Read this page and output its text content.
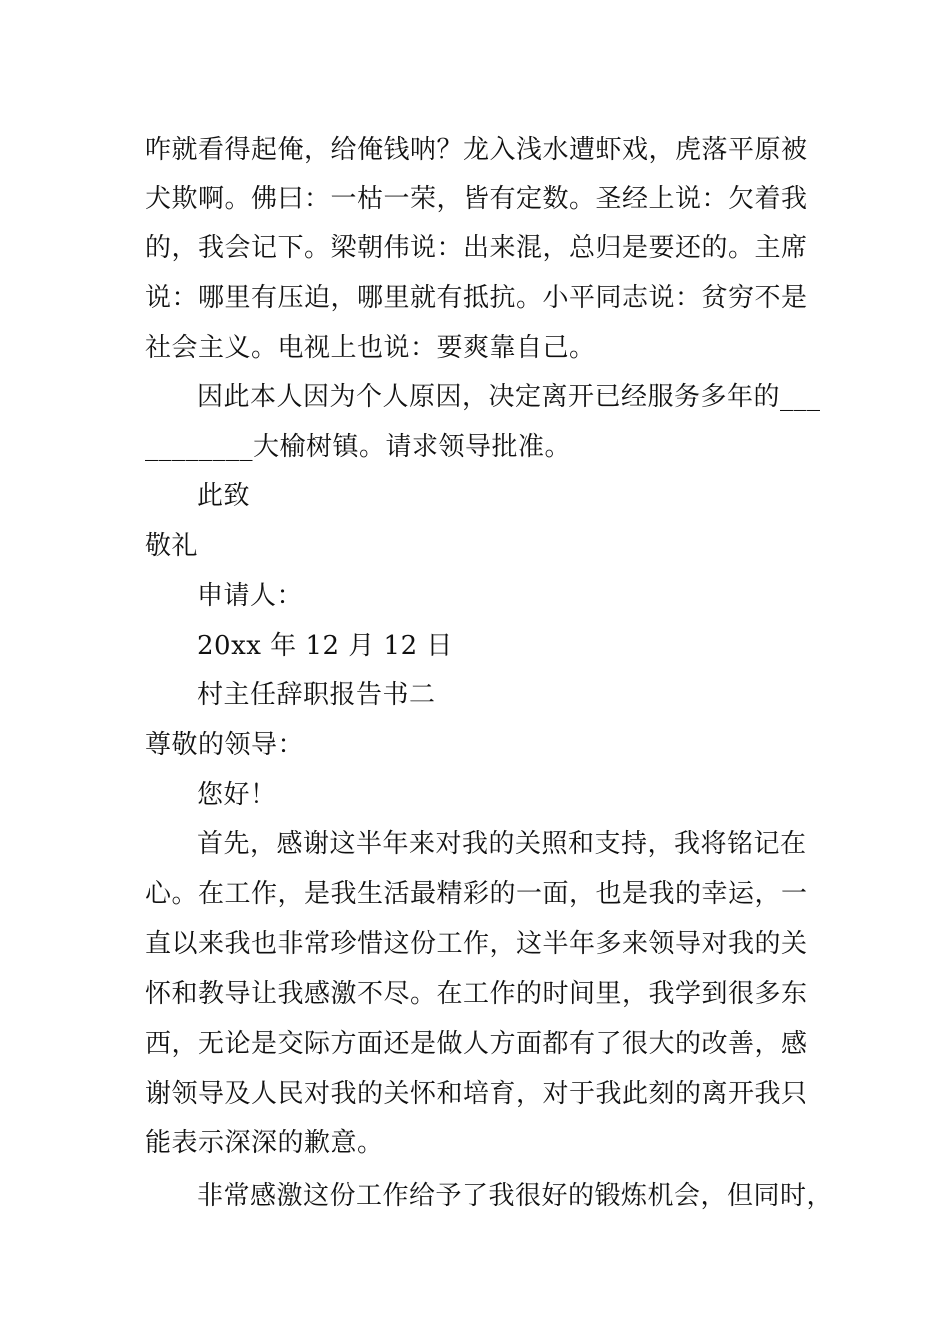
咋就看得起俺，给俺钱呐？龙入浅水遭虾戏，虎落平原被
犬欺啊。佛曰：一枯一荣，皆有定数。圣经上说：欠着我
的，我会记下。梁朝伟说：出来混，总归是要还的。主席
说：哪里有压迫，哪里就有抵抗。小平同志说：贫穷不是
社会主义。电视上也说：要爽靠自己。
因此本人因为个人原因，决定离开已经服务多年的___
________大榆树镇。请求领导批准。
此致
敬礼
申请人：
20xx 年 12 月 12 日
村主任辞职报告书二
尊敬的领导：
您好！
首先，感谢这半年来对我的关照和支持，我将铭记在
心。在工作，是我生活最精彩的一面，也是我的幸运，一
直以来我也非常珍惜这份工作，这半年多来领导对我的关
怀和教导让我感激不尽。在工作的时间里，我学到很多东
西，无论是交际方面还是做人方面都有了很大的改善，感
谢领导及人民对我的关怀和培育，对于我此刻的离开我只
能表示深深的歉意。
非常感激这份工作给予了我很好的锻炼机会，但同时，
